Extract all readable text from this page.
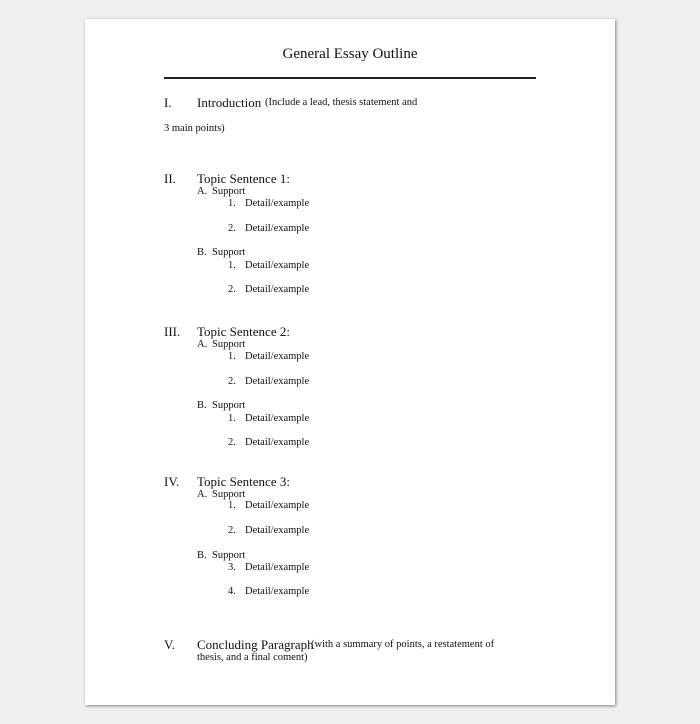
General Essay Outline
I. Introduction (Include a lead, thesis statement and
3 main points)
II. Topic Sentence 1:
A. Support
1. Detail/example
2. Detail/example
B. Support
1. Detail/example
2. Detail/example
III. Topic Sentence 2:
A. Support
1. Detail/example
2. Detail/example
B. Support
1. Detail/example
2. Detail/example
IV. Topic Sentence 3:
A. Support
1. Detail/example
2. Detail/example
B. Support
3. Detail/example
4. Detail/example
V. Concluding Paragraph
(with a summary of points, a restatement of
thesis, and a final coment)
